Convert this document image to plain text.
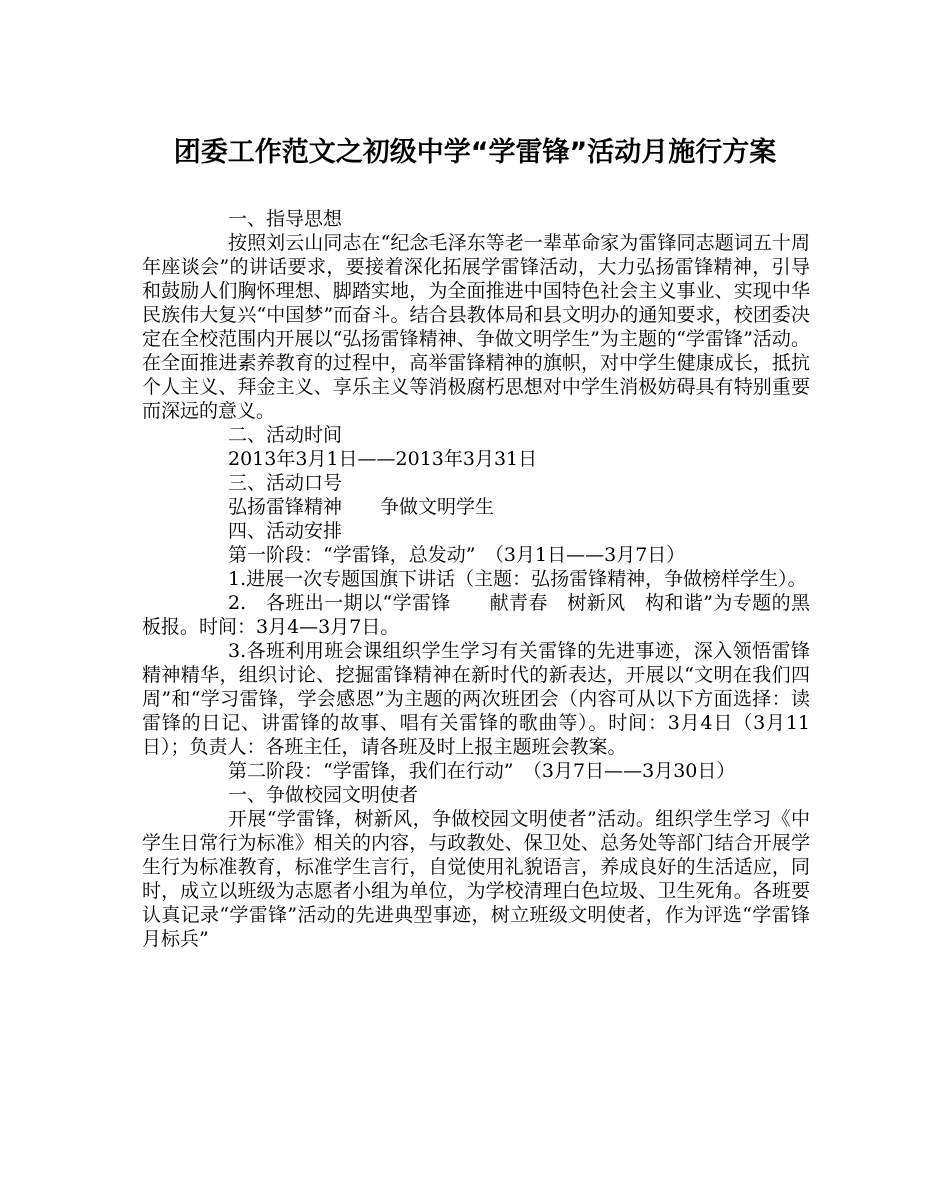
团委工作范文之初级中学“学雷锋”活动月施行方案

一、指导思想

按照刘云山同志在“纪念毛泽东等老一辈革命家为雷锋同志题词五十周年座谈会”的讲话要求，要接着深化拓展学雷锋活动，大力弘扬雷锋精神，引导和鼓励人们胸怀理想、脚踏实地，为全面推进中国特色社会主义事业、实现中华民族伟大复兴“中国梦”而奋斗。结合县教体局和县文明办的通知要求，校团委决定在全校范围内开展以“弘扬雷锋精神、争做文明学生”为主题的“学雷锋”活动。在全面推进素养教育的过程中，高举雷锋精神的旗帜，对中学生健康成长，抵抗个人主义、拜金主义、享乐主义等消极腐朽思想对中学生消极妨碍具有特别重要而深远的意义。

二、活动时间

2013年3月1日——2013年3月31日

三、活动口号

弘扬雷锋精神　　争做文明学生

四、活动安排

第一阶段：“学雷锋，总发动”　（3月1日——3月7日）

1.进展一次专题国旗下讲话（主题：弘扬雷锋精神，争做榜样学生）。

2.　各班出一期以“学雷锋　　献青春　树新风　构和谐”为专题的黑板报。时间：3月4—3月7日。

3.各班利用班会课组织学生学习有关雷锋的先进事迹，深入领悟雷锋精神精华，组织讨论、挖掘雷锋精神在新时代的新表达，开展以“文明在我们四周”和“学习雷锋，学会感恩”为主题的两次班团会（内容可从以下方面选择：读雷锋的日记、讲雷锋的故事、唱有关雷锋的歌曲等）。时间：3月4日（3月11日）；负责人：各班主任，请各班及时上报主题班会教案。

第二阶段：“学雷锋，我们在行动”　（3月7日——3月30日）

一、争做校园文明使者

开展“学雷锋，树新风，争做校园文明使者”活动。组织学生学习《中学生日常行为标准》相关的内容，与政教处、保卫处、总务处等部门结合开展学生行为标准教育，标准学生言行，自觉使用礼貌语言，养成良好的生活适应，同时，成立以班级为志愿者小组为单位，为学校清理白色垃圾、卫生死角。各班要认真记录“学雷锋”活动的先进典型事迹，树立班级文明使者，作为评选“学雷锋月标兵”
